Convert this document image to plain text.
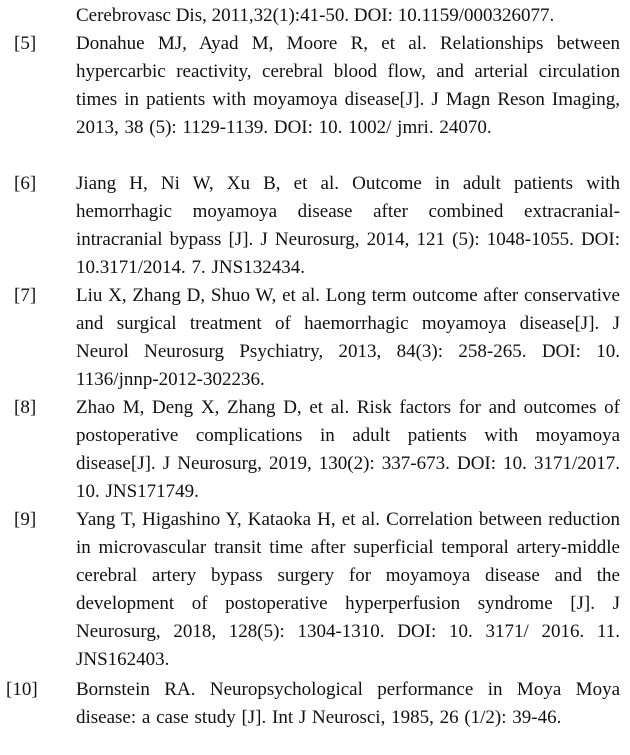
Cerebrovasc Dis, 2011,32(1):41-50. DOI: 10.1159/000326077.
[5] Donahue MJ, Ayad M, Moore R, et al. Relationships between hypercarbic reactivity, cerebral blood flow, and arterial circulation times in patients with moyamoya disease[J]. J Magn Reson Imaging, 2013, 38 (5): 1129-1139. DOI: 10. 1002/ jmri. 24070.
[6] Jiang H, Ni W, Xu B, et al. Outcome in adult patients with hemorrhagic moyamoya disease after combined extracranial-intracranial bypass [J]. J Neurosurg, 2014, 121 (5): 1048-1055. DOI: 10.3171/2014. 7. JNS132434.
[7] Liu X, Zhang D, Shuo W, et al. Long term outcome after conservative and surgical treatment of haemorrhagic moyamoya disease[J]. J Neurol Neurosurg Psychiatry, 2013, 84(3): 258-265. DOI: 10. 1136/jnnp-2012-302236.
[8] Zhao M, Deng X, Zhang D, et al. Risk factors for and outcomes of postoperative complications in adult patients with moyamoya disease[J]. J Neurosurg, 2019, 130(2): 337-673. DOI: 10. 3171/2017. 10. JNS171749.
[9] Yang T, Higashino Y, Kataoka H, et al. Correlation between reduction in microvascular transit time after superficial temporal artery-middle cerebral artery bypass surgery for moyamoya disease and the development of postoperative hyperperfusion syndrome [J]. J Neurosurg, 2018, 128(5): 1304-1310. DOI: 10. 3171/ 2016. 11. JNS162403.
[10] Bornstein RA. Neuropsychological performance in Moya Moya disease: a case study [J]. Int J Neurosci, 1985, 26 (1/2): 39-46.
